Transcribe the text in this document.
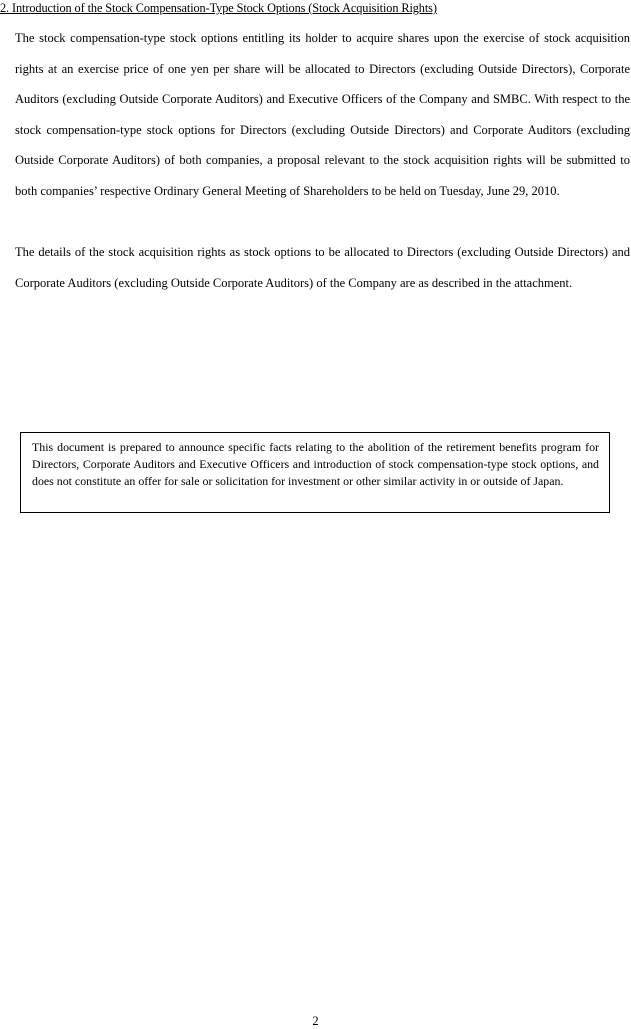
2. Introduction of the Stock Compensation-Type Stock Options (Stock Acquisition Rights)

The stock compensation-type stock options entitling its holder to acquire shares upon the exercise of stock acquisition rights at an exercise price of one yen per share will be allocated to Directors (excluding Outside Directors), Corporate Auditors (excluding Outside Corporate Auditors) and Executive Officers of the Company and SMBC. With respect to the stock compensation-type stock options for Directors (excluding Outside Directors) and Corporate Auditors (excluding Outside Corporate Auditors) of both companies, a proposal relevant to the stock acquisition rights will be submitted to both companies’ respective Ordinary General Meeting of Shareholders to be held on Tuesday, June 29, 2010.

The details of the stock acquisition rights as stock options to be allocated to Directors (excluding Outside Directors) and Corporate Auditors (excluding Outside Corporate Auditors) of the Company are as described in the attachment.

This document is prepared to announce specific facts relating to the abolition of the retirement benefits program for Directors, Corporate Auditors and Executive Officers and introduction of stock compensation-type stock options, and does not constitute an offer for sale or solicitation for investment or other similar activity in or outside of Japan.

2
